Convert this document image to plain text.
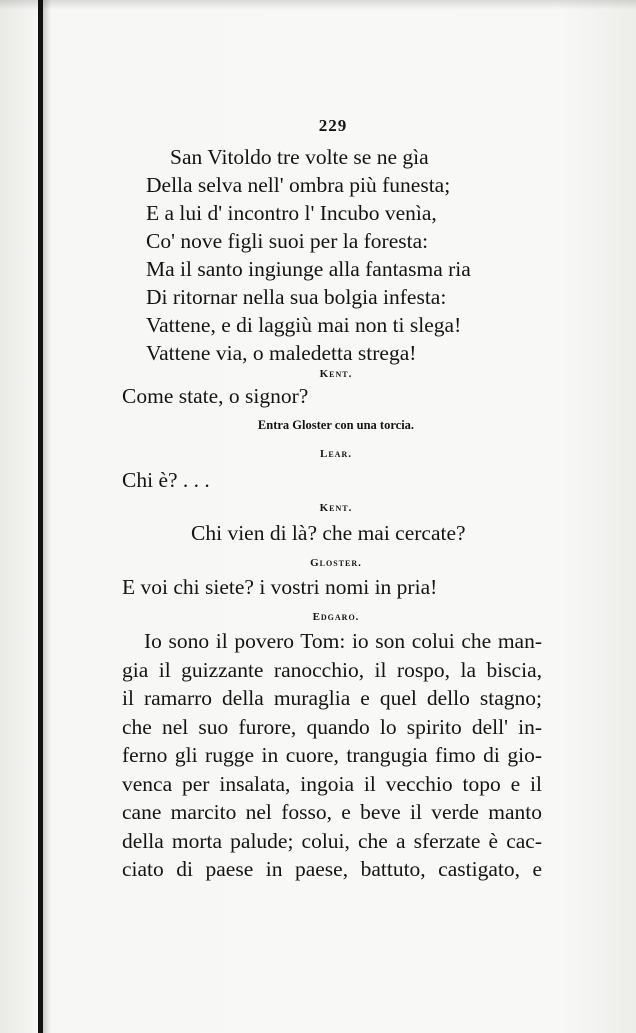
229
San Vitoldo tre volte se ne gìa
Della selva nell' ombra più funesta;
E a lui d' incontro l' Incubo venìa,
Co' nove figli suoi per la foresta:
Ma il santo ingiunge alla fantasma ria
Di ritornar nella sua bolgia infesta:
Vattene, e di laggiù mai non ti slega!
Vattene via, o maledetta strega!
Kent.
Come state, o signor?
Entra Gloster con una torcia.
Lear.
Chi è? . . .
Kent.
Chi vien di là? che mai cercate?
Gloster.
E voi chi siete? i vostri nomi in pria!
Edgaro.
Io sono il povero Tom: io son colui che man-
gia il guizzante ranocchio, il rospo, la biscia,
il ramarro della muraglia e quel dello stagno;
che nel suo furore, quando lo spirito dell' in-
ferno gli rugge in cuore, trangugia fimo di gio-
venca per insalata, ingoia il vecchio topo e il
cane marcito nel fosso, e beve il verde manto
della morta palude; colui, che a sferzate è cac-
ciato di paese in paese, battuto, castigato, e
